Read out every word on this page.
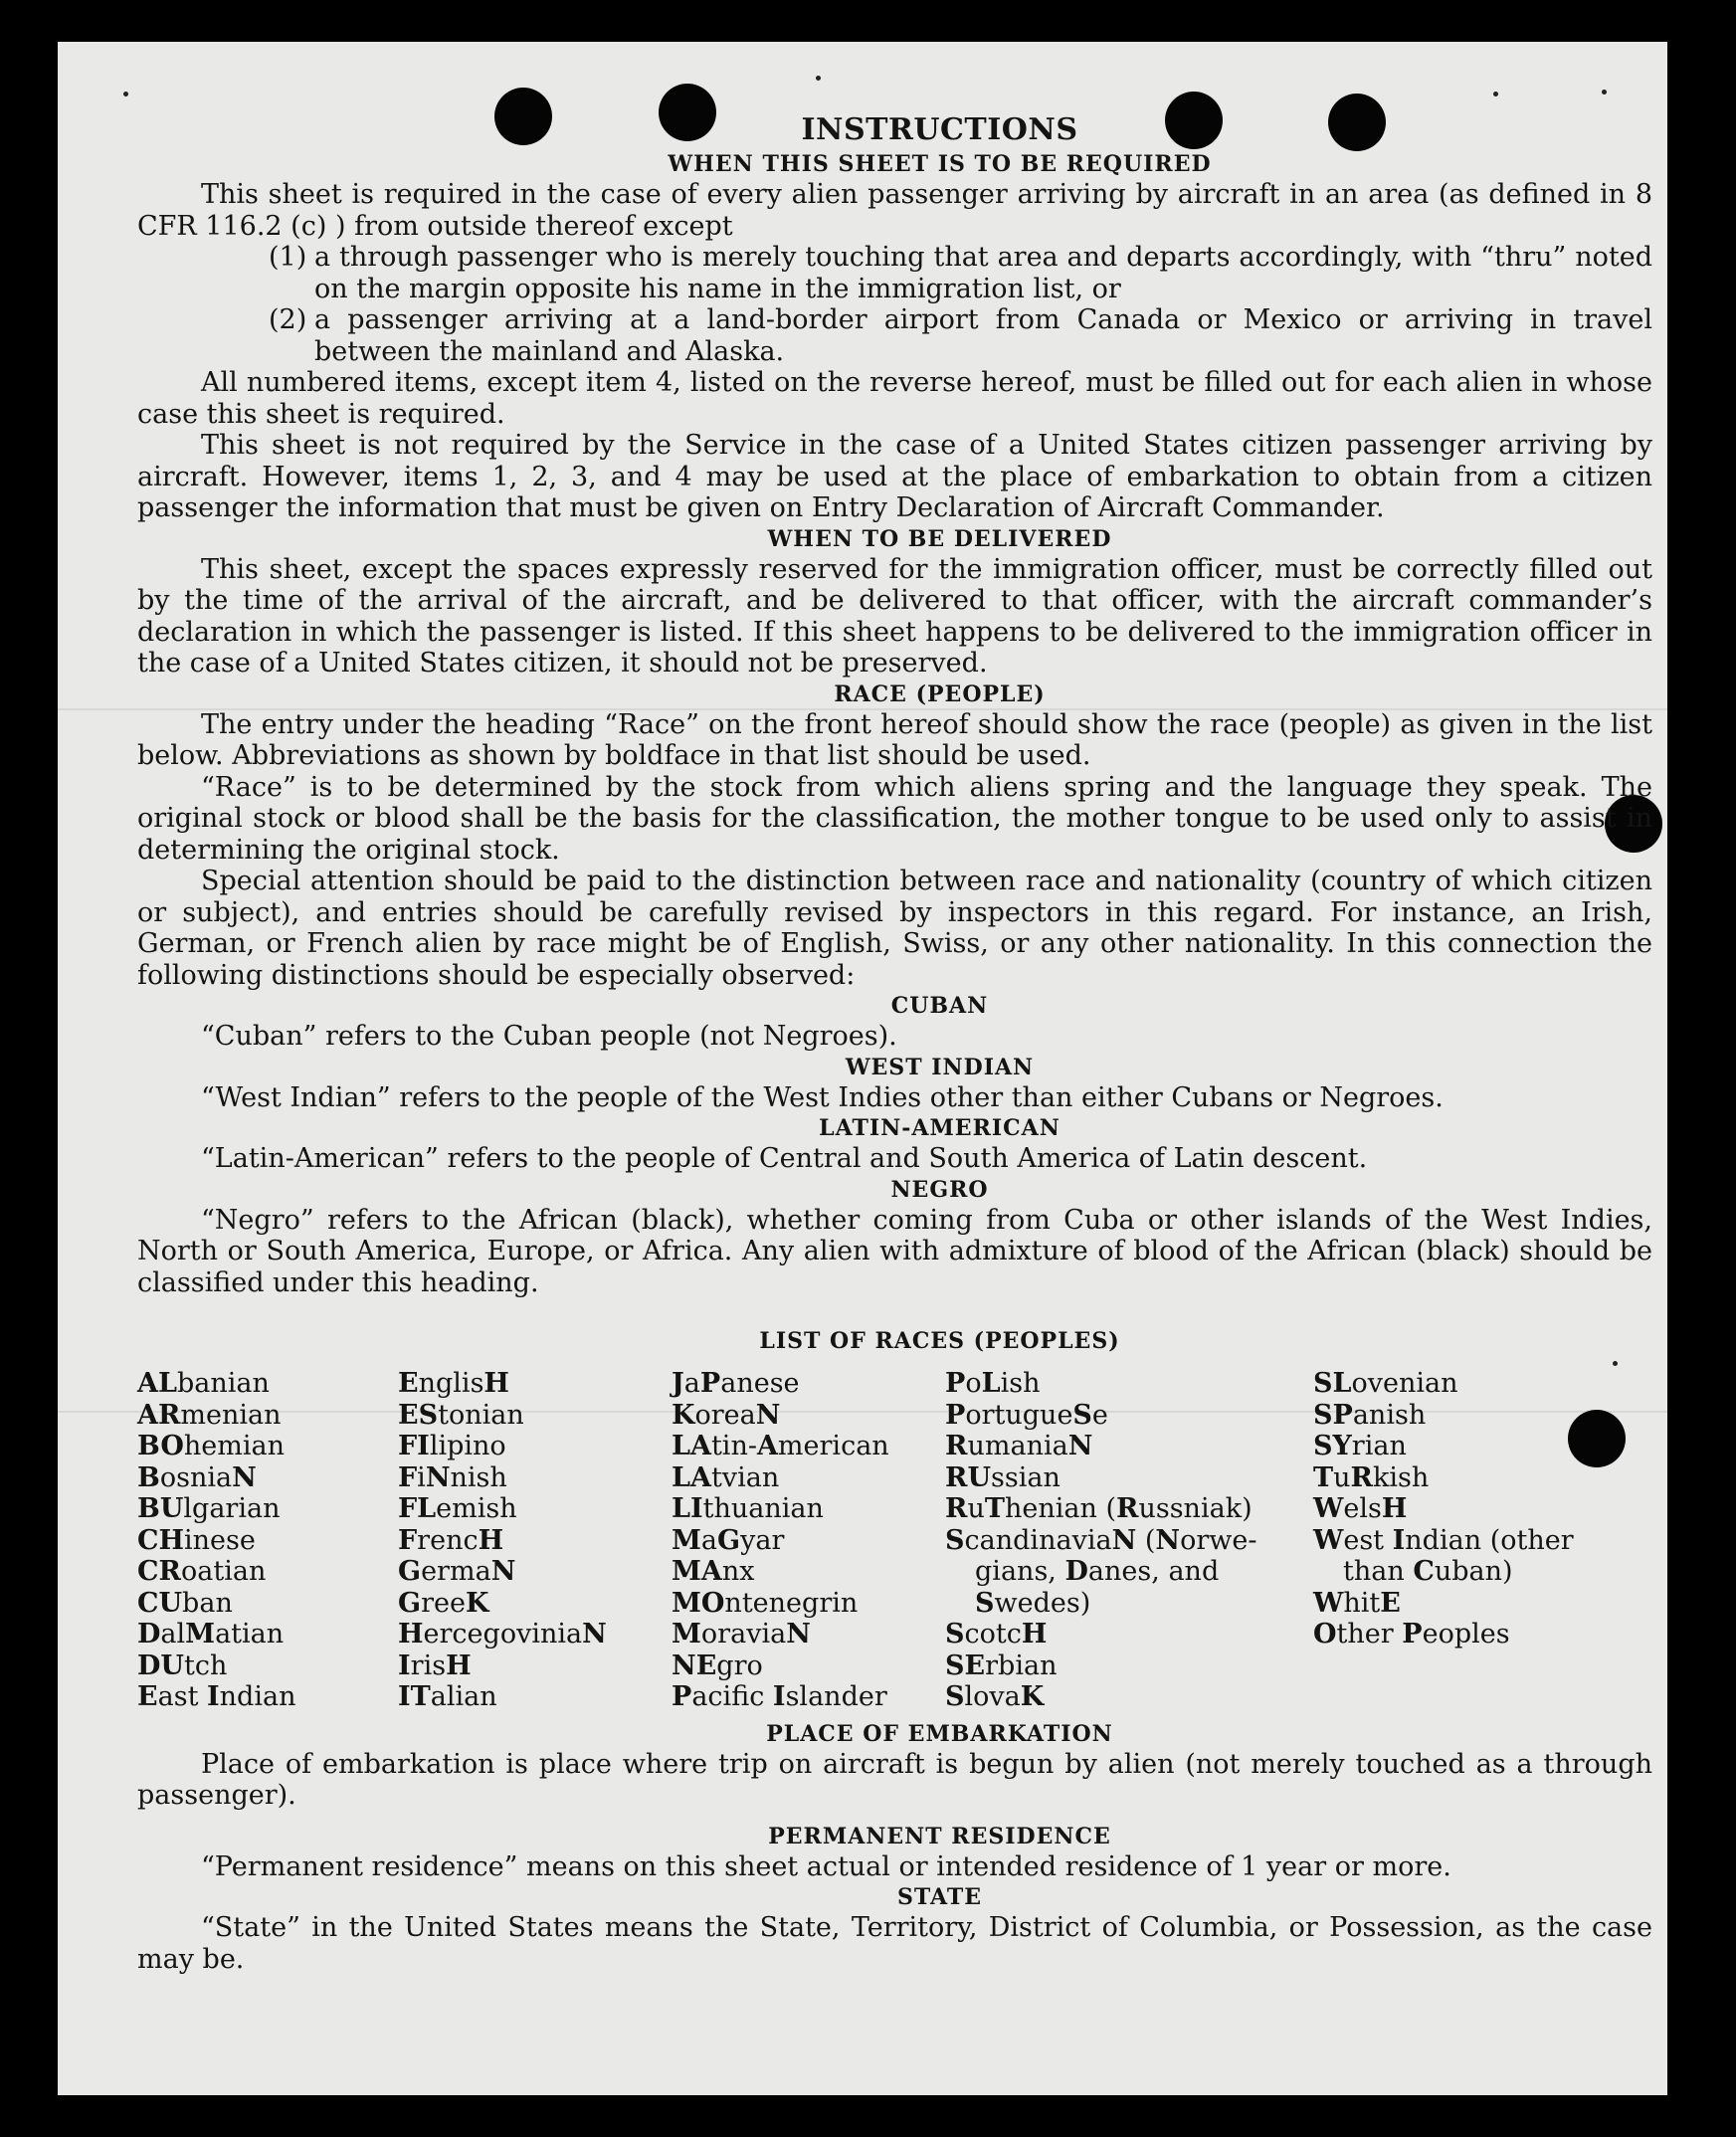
INSTRUCTIONS
WHEN THIS SHEET IS TO BE REQUIRED

This sheet is required in the case of every alien passenger arriving by aircraft in an area (as defined in 8 CFR 116.2 (c) ) from outside thereof except

(1) a through passenger who is merely touching that area and departs accordingly, with “thru” noted on the margin opposite his name in the immigration list, or
(2) a passenger arriving at a land-border airport from Canada or Mexico or arriving in travel between the mainland and Alaska.

All numbered items, except item 4, listed on the reverse hereof, must be filled out for each alien in whose case this sheet is required.

This sheet is not required by the Service in the case of a United States citizen passenger arriving by aircraft. However, items 1, 2, 3, and 4 may be used at the place of embarkation to obtain from a citizen passenger the information that must be given on Entry Declaration of Aircraft Commander.

WHEN TO BE DELIVERED

This sheet, except the spaces expressly reserved for the immigration officer, must be correctly filled out by the time of the arrival of the aircraft, and be delivered to that officer, with the aircraft commander’s declaration in which the passenger is listed. If this sheet happens to be delivered to the immigration officer in the case of a United States citizen, it should not be preserved.

RACE (PEOPLE)

The entry under the heading “Race” on the front hereof should show the race (people) as given in the list below. Abbreviations as shown by boldface in that list should be used.

“Race” is to be determined by the stock from which aliens spring and the language they speak. The original stock or blood shall be the basis for the classification, the mother tongue to be used only to assist in determining the original stock.

Special attention should be paid to the distinction between race and nationality (country of which citizen or subject), and entries should be carefully revised by inspectors in this regard. For instance, an Irish, German, or French alien by race might be of English, Swiss, or any other nationality. In this connection the following distinctions should be especially observed:

CUBAN

“Cuban” refers to the Cuban people (not Negroes).

WEST INDIAN

“West Indian” refers to the people of the West Indies other than either Cubans or Negroes.

LATIN-AMERICAN

“Latin-American” refers to the people of Central and South America of Latin descent.

NEGRO

“Negro” refers to the African (black), whether coming from Cuba or other islands of the West Indies, North or South America, Europe, or Africa. Any alien with admixture of blood of the African (black) should be classified under this heading.

LIST OF RACES (PEOPLES)
ALbanian
ARmenian
BOhemian
BosniaN
BUlgarian
CHinese
CRoatian
CUban
DalMatian
DUtch
East Indian
EnglisH
EStonian
FIlipino
FiNnish
FLemish
FrencH
GermaN
GreeK
HercegoviniaN
IrisH
ITalian
JaPanese
KoreaN
LAtin-American
LAtvian
LIthuanian
MaGyar
MAnx
MOntenegrin
MoraviaN
NEgro
Pacifc Islander
PoLish
PortugueSe
RumaniaN
RUssian
RuThenian (Russniak)
ScandinaviaN (Norwe-
gians, Danes, and
Swedes)
ScotcH
SErbian
SlovaK
SLovenian
SPanish
SYrian
TuRkish
WelsH
West Indian (other
than Cuban)
WhitE
Other Peoples
PLACE OF EMBARKATION

Place of embarkation is place where trip on aircraft is begun by alien (not merely touched as a through passenger).

PERMANENT RESIDENCE

“Permanent residence” means on this sheet actual or intended residence of 1 year or more.

STATE

“State” in the United States means the State, Territory, District of Columbia, or Possession, as the case may be.
